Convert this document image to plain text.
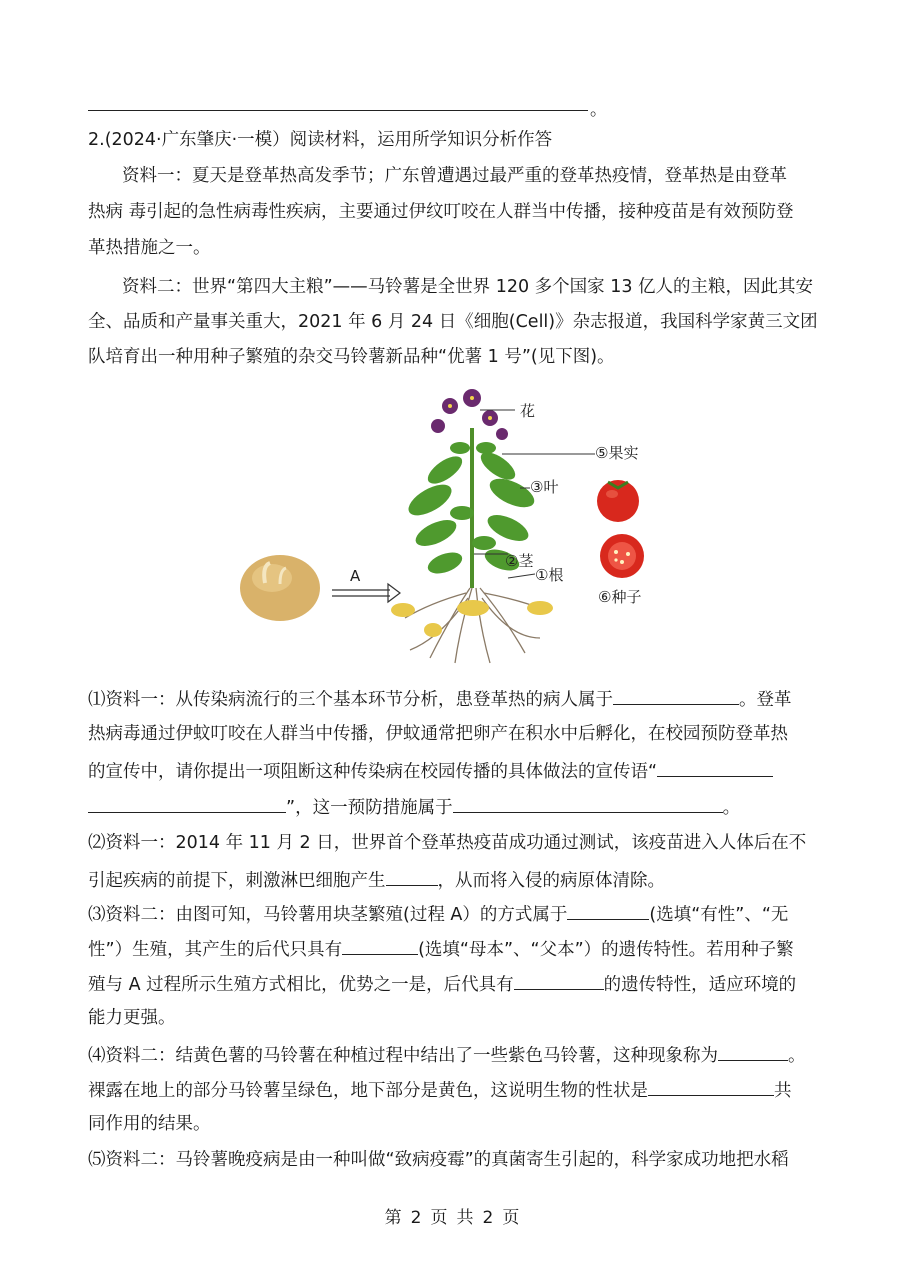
。
2.(2024·广东肇庆·一模）阅读材料，运用所学知识分析作答
资料一：夏天是登革热高发季节；广东曾遭遇过最严重的登革热疫情，登革热是由登革
热病 毒引起的急性病毒性疾病，主要通过伊纹叮咬在人群当中传播，接种疫苗是有效预防登
革热措施之一。
资料二：世界“第四大主粮”——马铃薯是全世界 120 多个国家 13 亿人的主粮，因此其安
全、品质和产量事关重大，2021 年 6 月 24 日《细胞(Cell)》杂志报道，我国科学家黄三文团
队培育出一种用种子繁殖的杂交马铃薯新品种“优薯 1 号”(见下图)。
A
花
⑤果实
③叶
②茎
①根
⑥种子
⑴资料一：从传染病流行的三个基本环节分析，患登革热的病人属于	。登革
热病毒通过伊蚊叮咬在人群当中传播，伊蚊通常把卵产在积水中后孵化，在校园预防登革热
的宣传中，请你提出一项阻断这种传染病在校园传播的具体做法的宣传语“
”，这一预防措施属于	。
⑵资料一：2014 年 11 月 2 日，世界首个登革热疫苗成功通过测试，该疫苗进入人体后在不
引起疾病的前提下，刺激淋巴细胞产生	，从而将入侵的病原体清除。
⑶资料二：由图可知，马铃薯用块茎繁殖(过程 A）的方式属于	(选填“有性”、“无
性”）生殖，其产生的后代只具有	(选填“母本”、“父本”）的遗传特性。若用种子繁
殖与 A 过程所示生殖方式相比，优势之一是，后代具有	的遗传特性，适应环境的
能力更强。
⑷资料二：结黄色薯的马铃薯在种植过程中结出了一些紫色马铃薯，这种现象称为	。
裸露在地上的部分马铃薯呈绿色，地下部分是黄色，这说明生物的性状是	共
同作用的结果。
⑸资料二：马铃薯晚疫病是由一种叫做“致病疫霉”的真菌寄生引起的，科学家成功地把水稻
第 2 页 共 2 页
